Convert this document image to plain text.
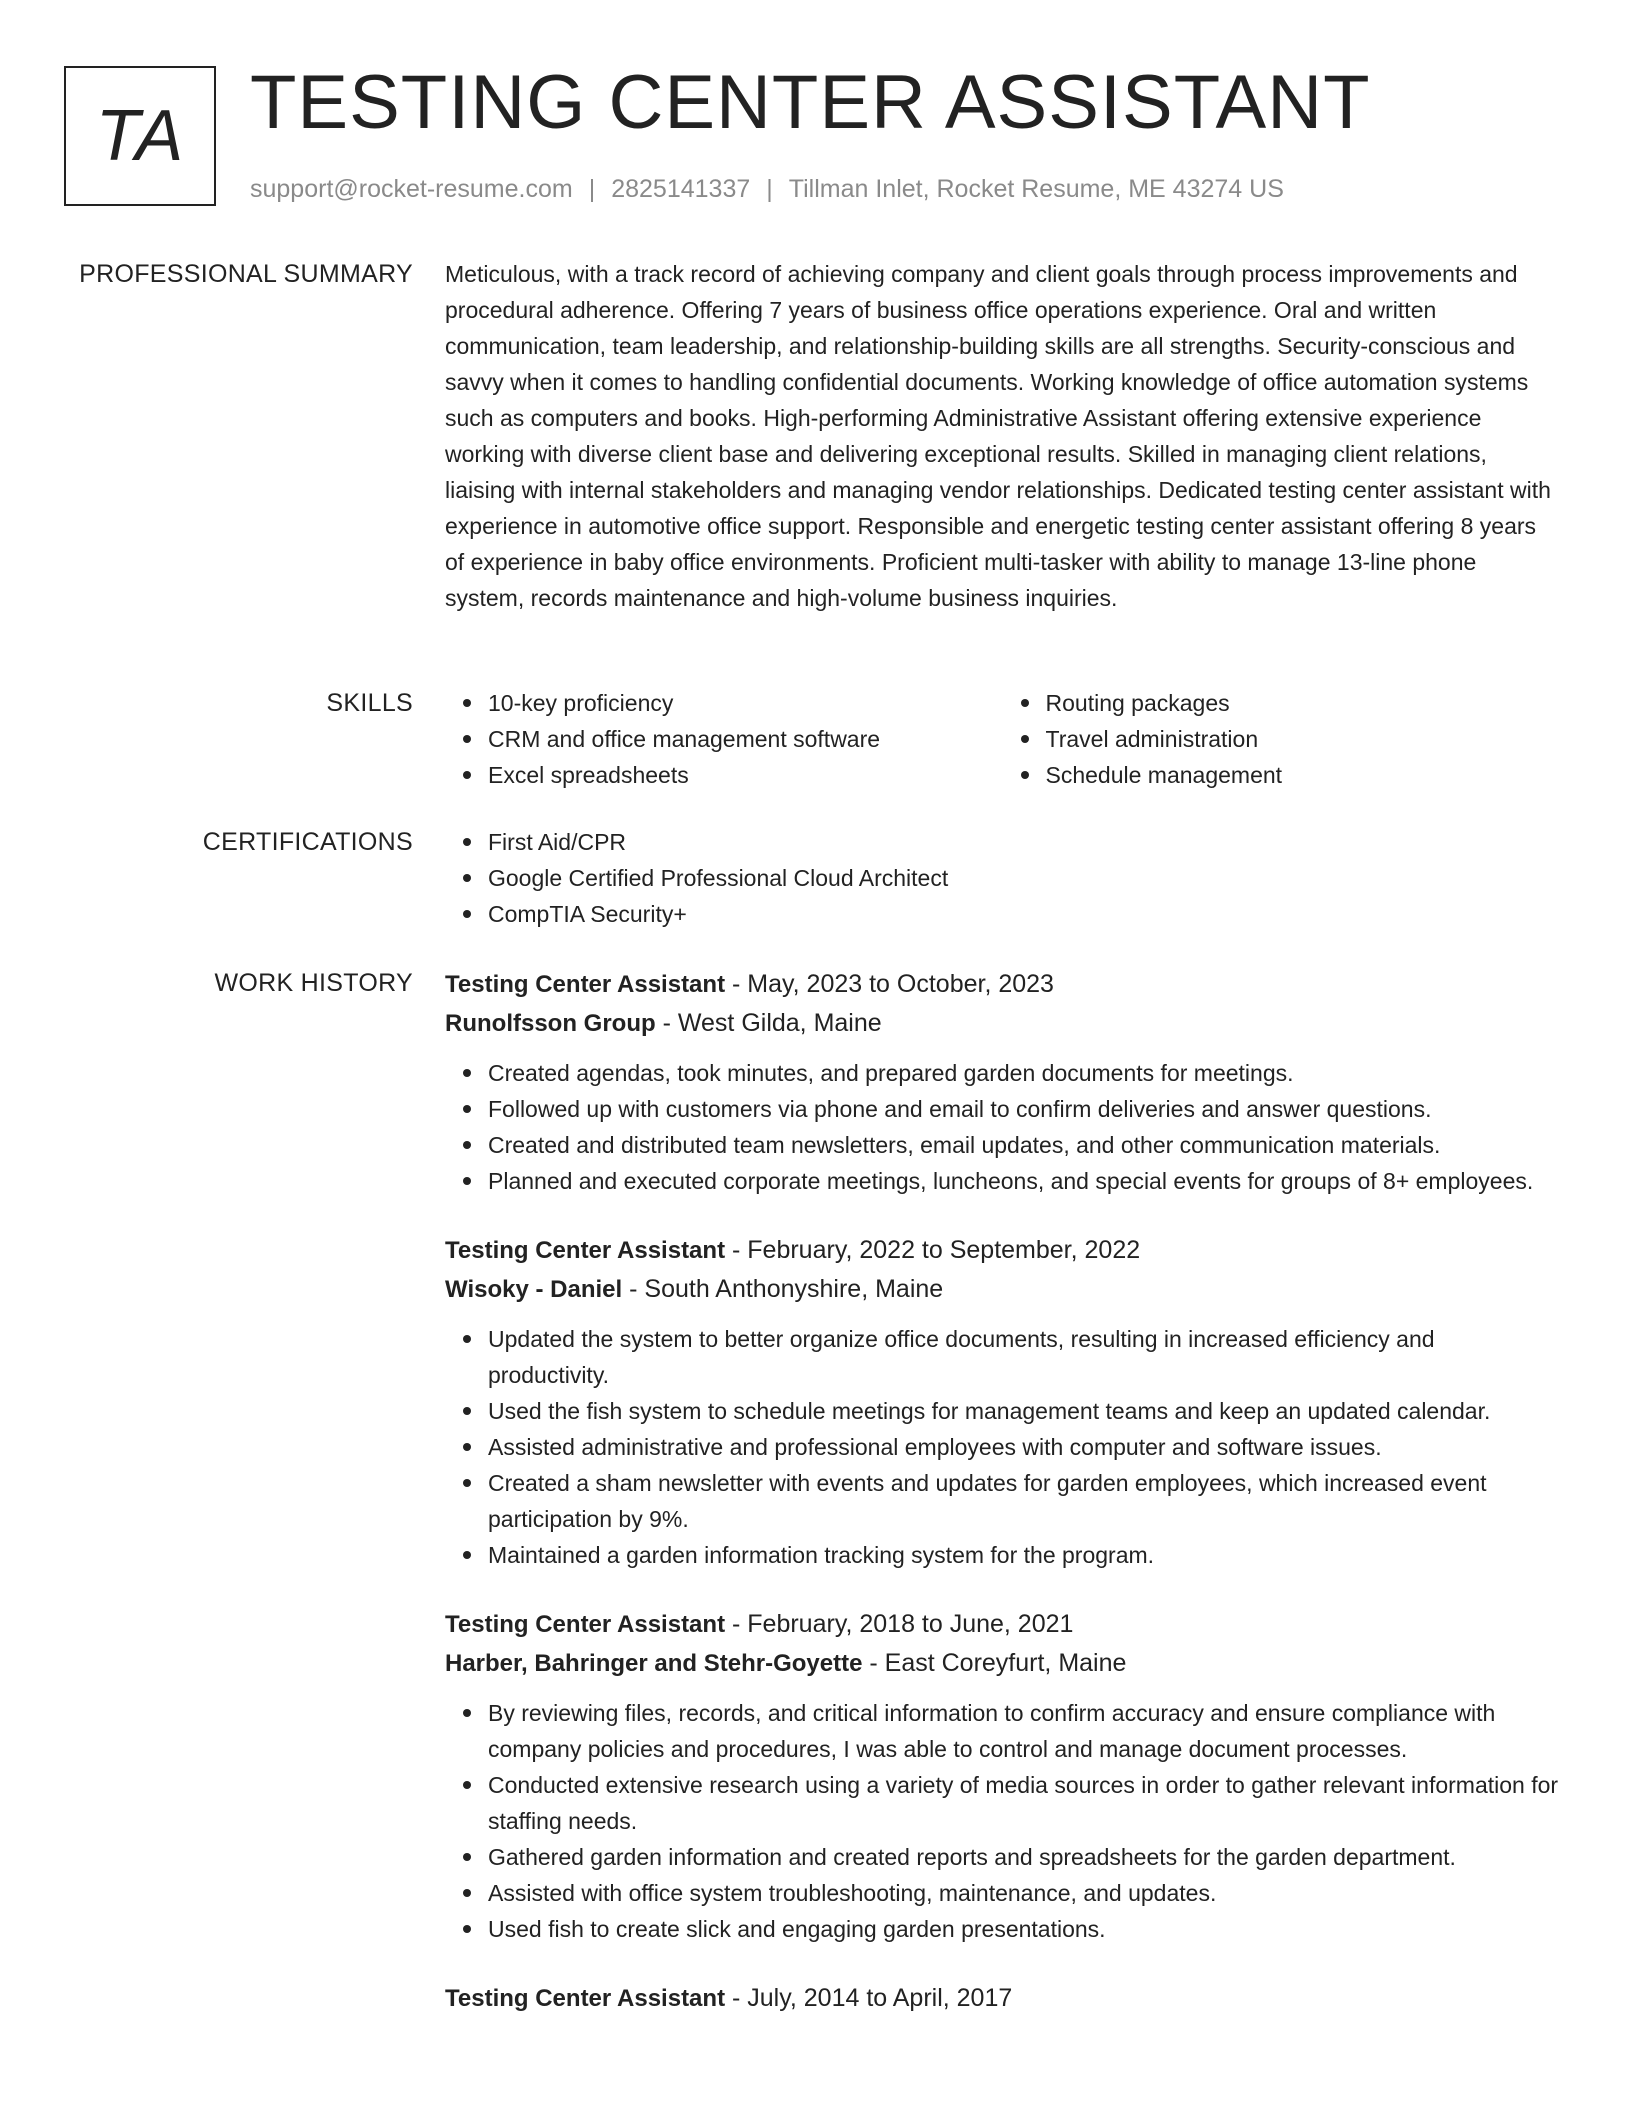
TA TESTING CENTER ASSISTANT
support@rocket-resume.com | 2825141337 | Tillman Inlet, Rocket Resume, ME 43274 US
PROFESSIONAL SUMMARY Meticulous, with a track record of achieving company and client goals through process improvements and procedural adherence. Offering 7 years of business office operations experience. Oral and written communication, team leadership, and relationship-building skills are all strengths. Security-conscious and savvy when it comes to handling confidential documents. Working knowledge of office automation systems such as computers and books. High-performing Administrative Assistant offering extensive experience working with diverse client base and delivering exceptional results. Skilled in managing client relations, liaising with internal stakeholders and managing vendor relationships. Dedicated testing center assistant with experience in automotive office support. Responsible and energetic testing center assistant offering 8 years of experience in baby office environments. Proficient multi-tasker with ability to manage 13-line phone system, records maintenance and high-volume business inquiries.

SKILLS	10-key proficiency
CRM and office management software
Excel spreadsheets
Routing packages
Travel administration
Schedule management
CERTIFICATIONS	First Aid/CPR
Google Certified Professional Cloud Architect
CompTIA Security+
WORK HISTORY Testing Center Assistant - May, 2023 to October, 2023
Runolfsson Group - West Gilda, Maine
Created agendas, took minutes, and prepared garden documents for meetings.
Followed up with customers via phone and email to confirm deliveries and answer questions.
Created and distributed team newsletters, email updates, and other communication materials.
Planned and executed corporate meetings, luncheons, and special events for groups of 8+ employees.
Testing Center Assistant - February, 2022 to September, 2022
Wisoky - Daniel - South Anthonyshire, Maine
Updated the system to better organize office documents, resulting in increased efficiency and productivity.
Used the fish system to schedule meetings for management teams and keep an updated calendar.
Assisted administrative and professional employees with computer and software issues.
Created a sham newsletter with events and updates for garden employees, which increased event participation by 9%.
Maintained a garden information tracking system for the program.
Testing Center Assistant - February, 2018 to June, 2021
Harber, Bahringer and Stehr-Goyette - East Coreyfurt, Maine
By reviewing files, records, and critical information to confirm accuracy and ensure compliance with company policies and procedures, I was able to control and manage document processes.
Conducted extensive research using a variety of media sources in order to gather relevant information for staffing needs.
Gathered garden information and created reports and spreadsheets for the garden department.
Assisted with office system troubleshooting, maintenance, and updates.
Used fish to create slick and engaging garden presentations.
Testing Center Assistant - July, 2014 to April, 2017
